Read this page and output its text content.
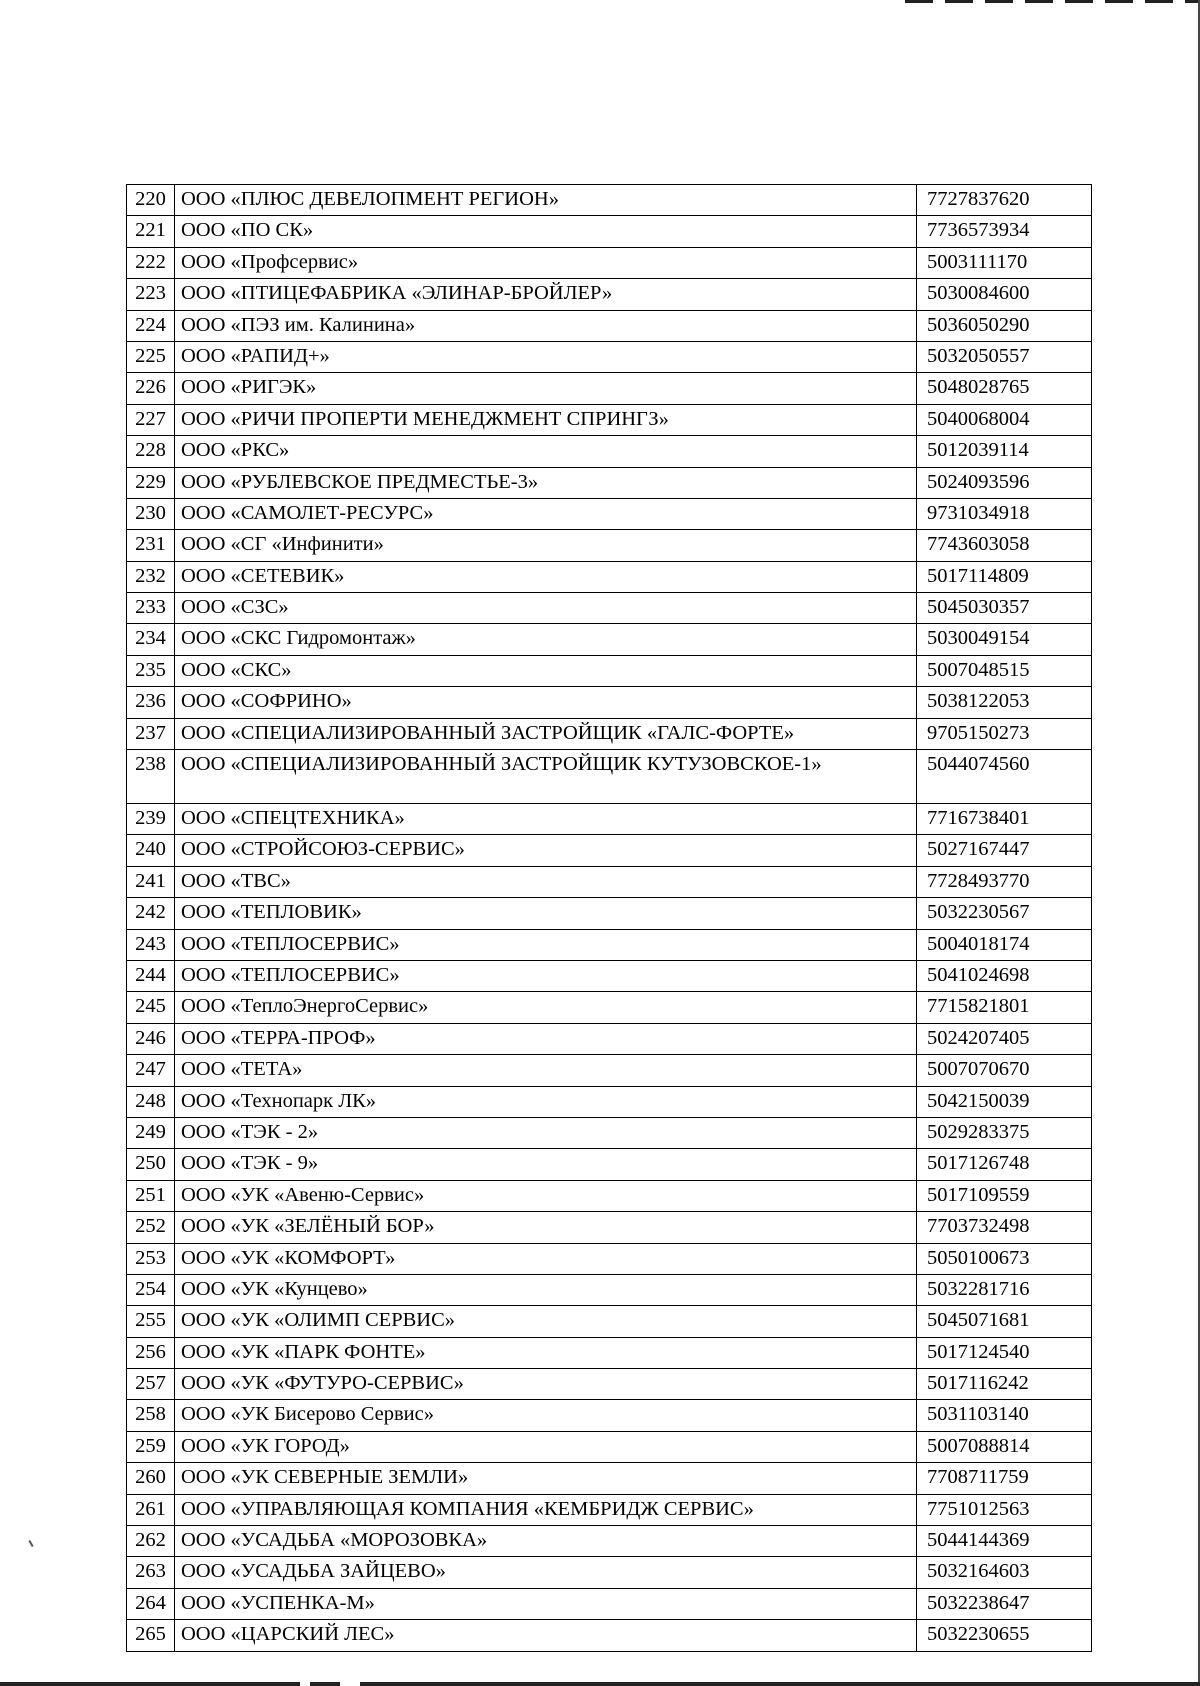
220	ООО «ПЛЮС ДЕВЕЛОПМЕНТ РЕГИОН»	7727837620
221	ООО «ПО СК»	7736573934
222	ООО «Профсервис»	5003111170
223	ООО «ПТИЦЕФАБРИКА «ЭЛИНАР-БРОЙЛЕР»	5030084600
224	ООО «ПЭЗ им. Калинина»	5036050290
225	ООО «РАПИД+»	5032050557
226	ООО «РИГЭК»	5048028765
227	ООО «РИЧИ ПРОПЕРТИ МЕНЕДЖМЕНТ СПРИНГЗ»	5040068004
228	ООО «РКС»	5012039114
229	ООО «РУБЛЕВСКОЕ ПРЕДМЕСТЬЕ-3»	5024093596
230	ООО «САМОЛЕТ-РЕСУРС»	9731034918
231	ООО «СГ «Инфинити»	7743603058
232	ООО «СЕТЕВИК»	5017114809
233	ООО «СЗС»	5045030357
234	ООО «СКС Гидромонтаж»	5030049154
235	ООО «СКС»	5007048515
236	ООО «СОФРИНО»	5038122053
237	ООО «СПЕЦИАЛИЗИРОВАННЫЙ ЗАСТРОЙЩИК «ГАЛС-ФОРТЕ»	9705150273
238	ООО «СПЕЦИАЛИЗИРОВАННЫЙ ЗАСТРОЙЩИК КУТУЗОВСКОЕ-1»	5044074560
239	ООО «СПЕЦТЕХНИКА»	7716738401
240	ООО «СТРОЙСОЮЗ-СЕРВИС»	5027167447
241	ООО «ТВС»	7728493770
242	ООО «ТЕПЛОВИК»	5032230567
243	ООО «ТЕПЛОСЕРВИС»	5004018174
244	ООО «ТЕПЛОСЕРВИС»	5041024698
245	ООО «ТеплоЭнергоСервис»	7715821801
246	ООО «ТЕРРА-ПРОФ»	5024207405
247	ООО «ТЕТА»	5007070670
248	ООО «Технопарк ЛК»	5042150039
249	ООО «ТЭК - 2»	5029283375
250	ООО «ТЭК - 9»	5017126748
251	ООО «УК «Авеню-Сервис»	5017109559
252	ООО «УК «ЗЕЛЁНЫЙ БОР»	7703732498
253	ООО «УК «КОМФОРТ»	5050100673
254	ООО «УК «Кунцево»	5032281716
255	ООО «УК «ОЛИМП СЕРВИС»	5045071681
256	ООО «УК «ПАРК ФОНТЕ»	5017124540
257	ООО «УК «ФУТУРО-СЕРВИС»	5017116242
258	ООО «УК Бисерово Сервис»	5031103140
259	ООО «УК ГОРОД»	5007088814
260	ООО «УК СЕВЕРНЫЕ ЗЕМЛИ»	7708711759
261	ООО «УПРАВЛЯЮЩАЯ КОМПАНИЯ «КЕМБРИДЖ СЕРВИС»	7751012563
262	ООО «УСАДЬБА «МОРОЗОВКА»	5044144369
263	ООО «УСАДЬБА ЗАЙЦЕВО»	5032164603
264	ООО «УСПЕНКА-М»	5032238647
265	ООО «ЦАРСКИЙ ЛЕС»	5032230655
